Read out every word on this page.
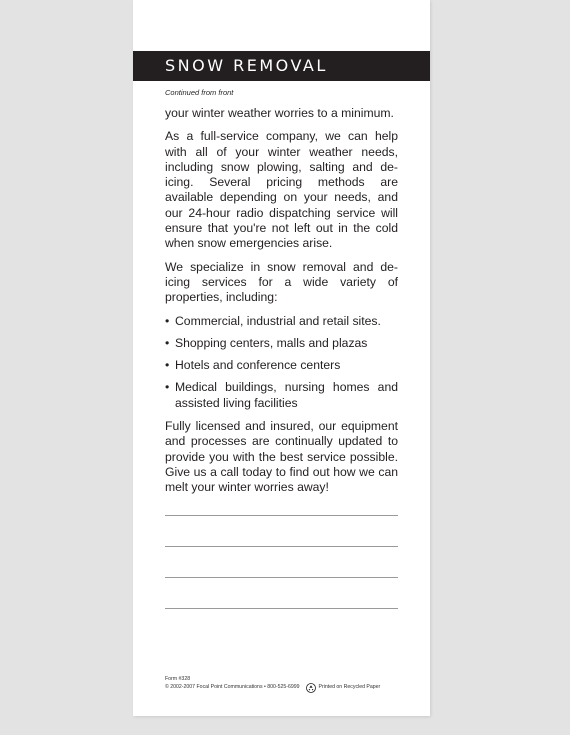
SNOW REMOVAL
Continued from front

your winter weather worries to a minimum.

As a full-service company, we can help with all of your winter weather needs, including snow plowing, salting and de-icing. Several pricing methods are available depending on your needs, and our 24-hour radio dispatching service will ensure that you're not left out in the cold when snow emergencies arise.

We specialize in snow removal and de-icing services for a wide variety of properties, including:

• Commercial, industrial and retail sites.
• Shopping centers, malls and plazas
• Hotels and conference centers
• Medical buildings, nursing homes and assisted living facilities

Fully licensed and insured, our equipment and processes are continually updated to provide you with the best service possible. Give us a call today to find out how we can melt your winter worries away!

Form #328
© 2002-2007 Focal Point Communications • 800-525-6999	Printed on Recycled Paper
